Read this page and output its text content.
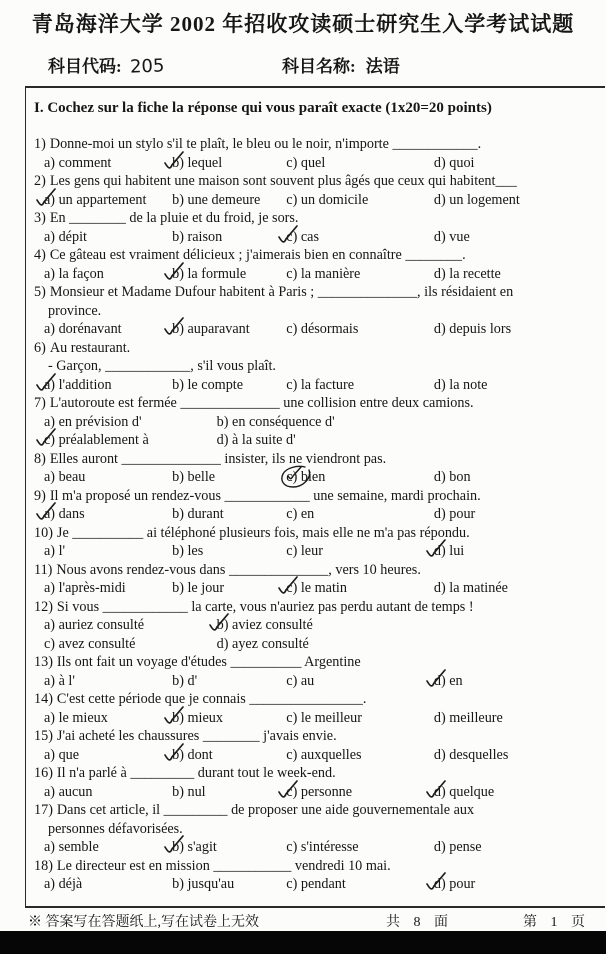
青岛海洋大学 2002 年招收攻读硕士研究生入学考试试题
科目代码: 205	科目名称: 法语
I. Cochez sur la fiche la réponse qui vous paraît exacte (1x20=20 points)
1) Donne-moi un stylo s'il te plaît, le bleu ou le noir, n'importe ____________.
a) comment	b) lequel	c) quel	d) quoi
2) Les gens qui habitent une maison sont souvent plus âgés que ceux qui habitent___
a) un appartement	b) une demeure	c) un domicile	d) un logement
3) En ________ de la pluie et du froid, je sors.
a) dépit	b) raison	c) cas	d) vue
4) Ce gâteau est vraiment délicieux ; j'aimerais bien en connaître ________.
a) la façon	b) la formule	c) la manière	d) la recette
5) Monsieur et Madame Dufour habitent à Paris ; ______________, ils résidaient en
province.
a) dorénavant	b) auparavant	c) désormais	d) depuis lors
6) Au restaurant.
- Garçon, ____________, s'il vous plaît.
a) l'addition	b) le compte	c) la facture	d) la note
7) L'autoroute est fermée ______________ une collision entre deux camions.
a) en prévision d'	b) en conséquence d'
c) préalablement à	d) à la suite d'
8) Elles auront ______________ insister, ils ne viendront pas.
a) beau	b) belle	c) bien	d) bon
9) Il m'a proposé un rendez-vous ____________ une semaine, mardi prochain.
a) dans	b) durant	c) en	d) pour
10) Je __________ ai téléphoné plusieurs fois, mais elle ne m'a pas répondu.
a) l'	b) les	c) leur	d) lui
11) Nous avons rendez-vous dans ______________, vers 10 heures.
a) l'après-midi	b) le jour	c) le matin	d) la matinée
12) Si vous ____________ la carte, vous n'auriez pas perdu autant de temps !
a) auriez consulté	b) aviez consulté
c) avez consulté	d) ayez consulté
13) Ils ont fait un voyage d'études __________ Argentine
a) à l'	b) d'	c) au	d) en
14) C'est cette période que je connais ________________.
a) le mieux	b) mieux	c) le meilleur	d) meilleure
15) J'ai acheté les chaussures ________ j'avais envie.
a) que	b) dont	c) auxquelles	d) desquelles
16) Il n'a parlé à _________ durant tout le week-end.
a) aucun	b) nul	c) personne	d) quelque
17) Dans cet article, il _________ de proposer une aide gouvernementale aux
personnes défavorisées.
a) semble	b) s'agit	c) s'intéresse	d) pense
18) Le directeur est en mission ___________ vendredi 10 mai.
a) déjà	b) jusqu'au	c) pendant	d) pour
※ 答案写在答题纸上,写在试卷上无效	共 8 面	第 1 页
